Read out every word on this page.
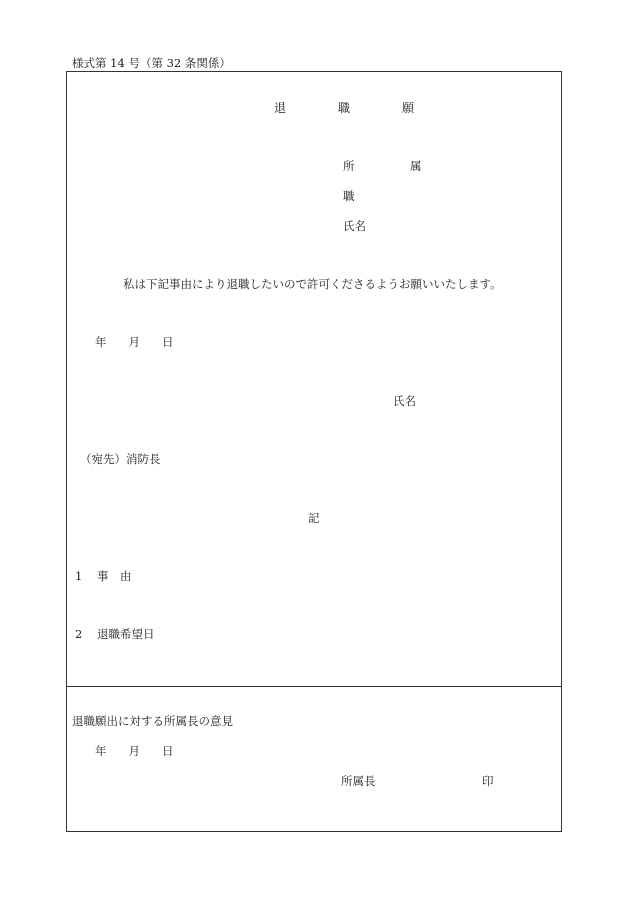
様式第 14 号（第 32 条関係）
退　職　願
所　属
職
氏名
私は下記事由により退職したいので許可くださるようお願いいたします。
年 月 日
氏名
（宛先）消防長
記
1 事　由
2 退職希望日
退職願出に対する所属長の意見
年 月 日
所属長	印
